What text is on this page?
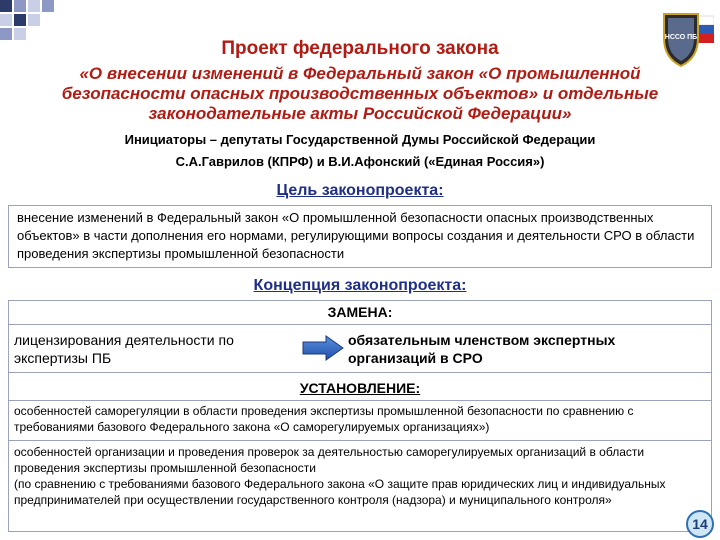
НССО ПБ
Проект федерального закона
«О внесении изменений в Федеральный закон «О промышленной безопасности опасных производственных объектов» и отдельные законодательные акты Российской Федерации»
Инициаторы – депутаты Государственной Думы Российской Федерации
С.А.Гаврилов (КПРФ) и В.И.Афонский («Единая Россия»)
Цель законопроекта:
внесение изменений в Федеральный закон «О промышленной безопасности опасных производственных объектов» в части дополнения его нормами, регулирующими вопросы создания и деятельности СРО в области проведения экспертизы промышленной безопасности
Концепция законопроекта:
ЗАМЕНА:
лицензирования деятельности по экспертизы ПБ
обязательным членством экспертных организаций в СРО
УСТАНОВЛЕНИЕ:
особенностей саморегуляции в области проведения экспертизы промышленной безопасности по сравнению с требованиями базового Федерального закона «О саморегулируемых организациях»)
особенностей организации и проведения проверок за деятельностью саморегулируемых организаций в области проведения экспертизы промышленной безопасности
(по сравнению с требованиями базового Федерального закона «О защите прав юридических лиц и индивидуальных предпринимателей при осуществлении государственного контроля (надзора) и муниципального контроля»
14
